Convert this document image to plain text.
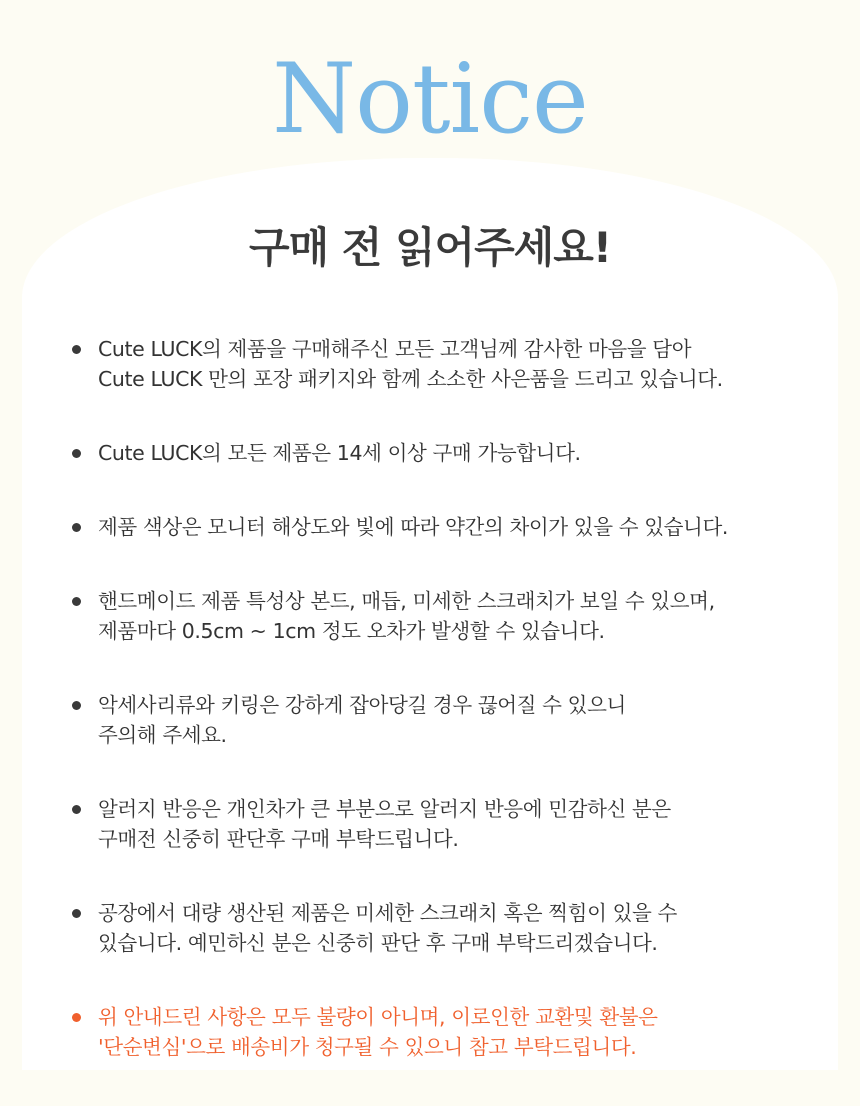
Notice
구매 전 읽어주세요!
Cute LUCK의 제품을 구매해주신 모든 고객님께 감사한 마음을 담아
Cute LUCK 만의 포장 패키지와 함께 소소한 사은품을 드리고 있습니다.
Cute LUCK의 모든 제품은 14세 이상 구매 가능합니다.
제품 색상은 모니터 해상도와 빛에 따라 약간의 차이가 있을 수 있습니다.
핸드메이드 제품 특성상 본드, 매듭, 미세한 스크래치가 보일 수 있으며,
제품마다 0.5cm ~ 1cm 정도 오차가 발생할 수 있습니다.
악세사리류와 키링은 강하게 잡아당길 경우 끊어질 수 있으니
주의해 주세요.
알러지 반응은 개인차가 큰 부분으로 알러지 반응에 민감하신 분은
구매전 신중히 판단후 구매 부탁드립니다.
공장에서 대량 생산된 제품은 미세한 스크래치 혹은 찍힘이 있을 수
있습니다. 예민하신 분은 신중히 판단 후 구매 부탁드리겠습니다.
위 안내드린 사항은 모두 불량이 아니며, 이로인한 교환및 환불은
'단순변심'으로 배송비가 청구될 수 있으니 참고 부탁드립니다.
